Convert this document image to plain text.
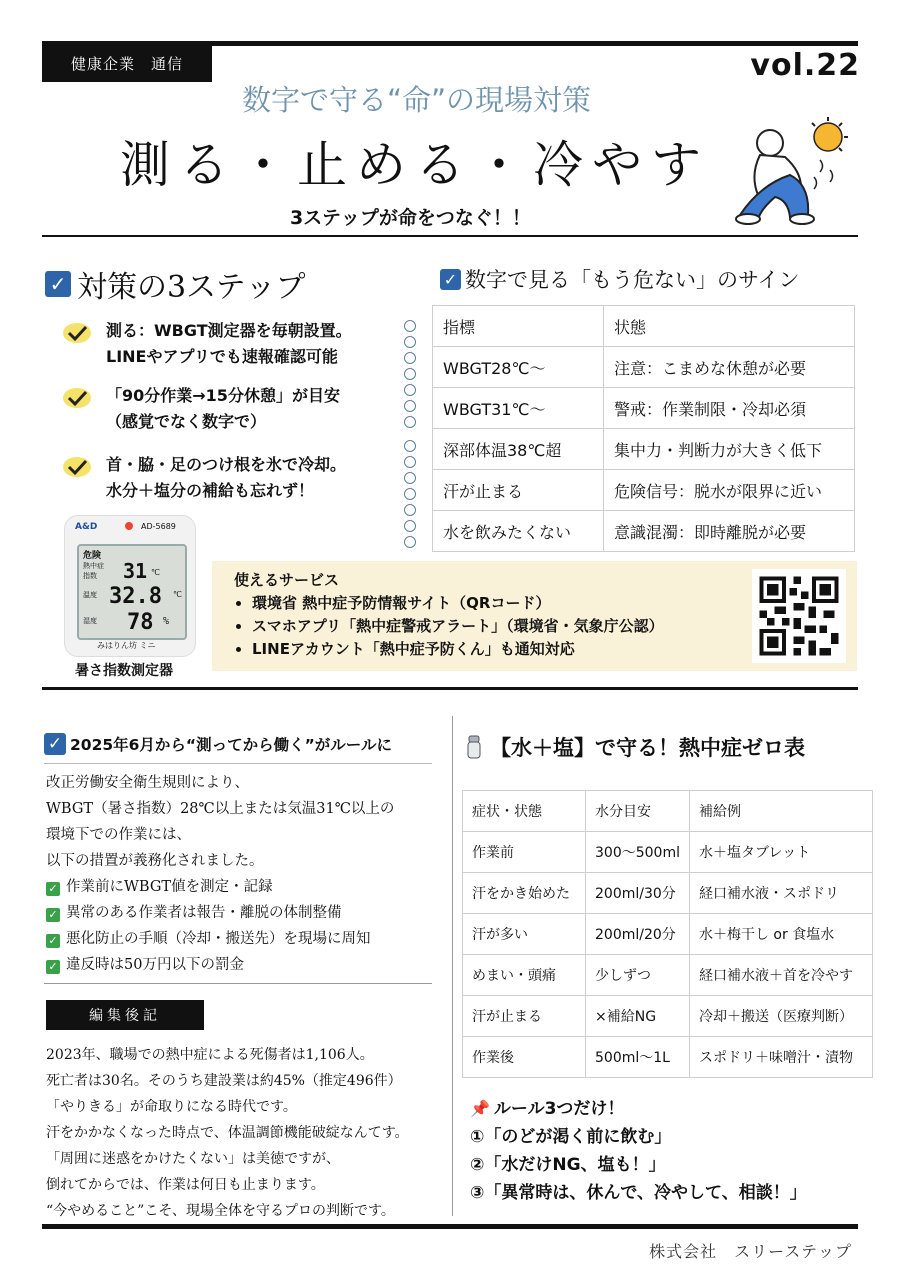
健康企業　通信	vol.22
数字で守る“命”の現場対策
測る・止める・冷やす
3ステップが命をつなぐ！！
✓ 対策の3ステップ
測る：WBGT測定器を毎朝設置。
LINEやアプリでも速報確認可能
「90分作業→15分休憩」が目安
（感覚でなく数字で）
首・脇・足のつけ根を氷で冷却。
水分＋塩分の補給も忘れず！
A&D	AD-5689
危険
熱中症指数	31 ℃
温度 32.8 ℃
湿度 78 %
みはりん坊 ミニ
暑さ指数測定器
✓ 数字で見る「もう危ない」のサイン
指標	状態
WBGT28℃〜	注意：こまめな休憩が必要
WBGT31℃〜	警戒：作業制限・冷却必須
深部体温38℃超	集中力・判断力が大きく低下
汗が止まる	危険信号：脱水が限界に近い
水を飲みたくない	意識混濁：即時離脱が必要
使えるサービス
• 環境省 熱中症予防情報サイト（QRコード）
• スマホアプリ「熱中症警戒アラート」（環境省・気象庁公認）
• LINEアカウント「熱中症予防くん」も通知対応
✓ 2025年6月から“測ってから働く”がルールに
改正労働安全衛生規則により、
WBGT（暑さ指数）28℃以上または気温31℃以上の
環境下での作業には、
以下の措置が義務化されました。
✓ 作業前にWBGT値を測定・記録
✓ 異常のある作業者は報告・離脱の体制整備
✓ 悪化防止の手順（冷却・搬送先）を現場に周知
✓ 違反時は50万円以下の罰金
編集後記
2023年、職場での熱中症による死傷者は1,106人。
死亡者は30名。そのうち建設業は約45%（推定496件）
「やりきる」が命取りになる時代です。
汗をかかなくなった時点で、体温調節機能破綻なんてす。
「周囲に迷惑をかけたくない」は美徳ですが、
倒れてからでは、作業は何日も止まります。
“今やめること”こそ、現場全体を守るプロの判断です。
【水＋塩】で守る！熱中症ゼロ表
症状・状態	水分目安	補給例
作業前	300〜500ml	水＋塩タブレット
汗をかき始めた	200ml/30分	経口補水液・スポドリ
汗が多い	200ml/20分	水＋梅干し or 食塩水
めまい・頭痛	少しずつ	経口補水液＋首を冷やす
汗が止まる	×補給NG	冷却＋搬送（医療判断）
作業後	500ml〜1L	スポドリ＋味噌汁・漬物
📌 ルール3つだけ！
①「のどが渇く前に飲む」
②「水だけNG、塩も！」
③「異常時は、休んで、冷やして、相談！」
株式会社　スリーステップ
